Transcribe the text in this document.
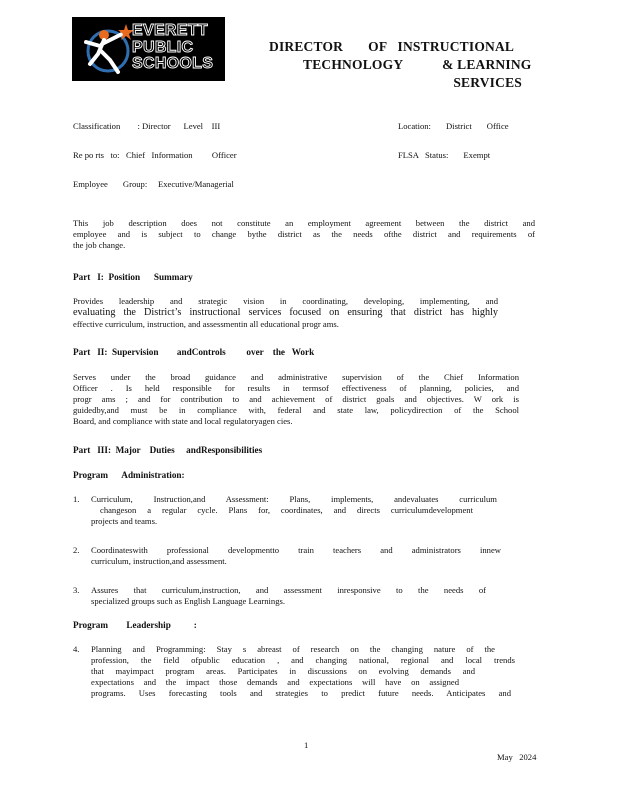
EVERETT
PUBLIC
SCHOOLS
DIRECTOR       OF   INSTRUCTIONAL
TECHNOLOGY           & LEARNING
SERVICES
Classification        : Director      Level    III	Location:       District       Office
Re po rts   to:   Chief   Information         Officer	FLSA   Status:       Exempt
Employee       Group:     Executive/Managerial
This job description does not constitute an employment agreement between the district and
employee and is subject to change bythe district as the needs ofthe district and requirements of
the job change.
Part   I:  Position      Summary
Provides leadership and strategic vision in coordinating, developing, implementing, and
evaluating the District’s instructional services focused on ensuring that district has highly
effective curriculum, instruction, and assessmentin all educational progr ams.
Part   II:  Supervision        andControls         over    the   Work
Serves under the broad guidance and administrative supervision of the Chief Information
Officer . Is held responsible for results in termsof effectiveness of planning, policies, and
progr ams ; and for contribution to and achievement of district goals and objectives. W ork is
guidedby,and must be in compliance with, federal and state law, policydirection of the School
Board, and compliance with state and local regulatoryagen cies.
Part   III:  Major    Duties     andResponsibilities
Program      Administration:
1. Curriculum, Instruction,and Assessment: Plans, implements, andevaluates curriculum
changeson a regular cycle. Plans for, coordinates, and directs curriculumdevelopment
projects and teams.
2. Coordinateswith professional developmentto train teachers and administrators innew
curriculum, instruction,and assessment.
3. Assures that curriculum,instruction, and assessment inresponsive to the needs of
specialized groups such as English Language Learnings.
Program        Leadership          :
4. Planning and Programming: Stay s abreast of research on the changing nature of the
profession, the field ofpublic education , and changing national, regional and local trends
that mayimpact program areas. Participates in discussions on evolving demands and
expectations and the impact those demands and expectations will have on assigned
programs. Uses forecasting tools and strategies to predict future needs. Anticipates and
1
May   2024
